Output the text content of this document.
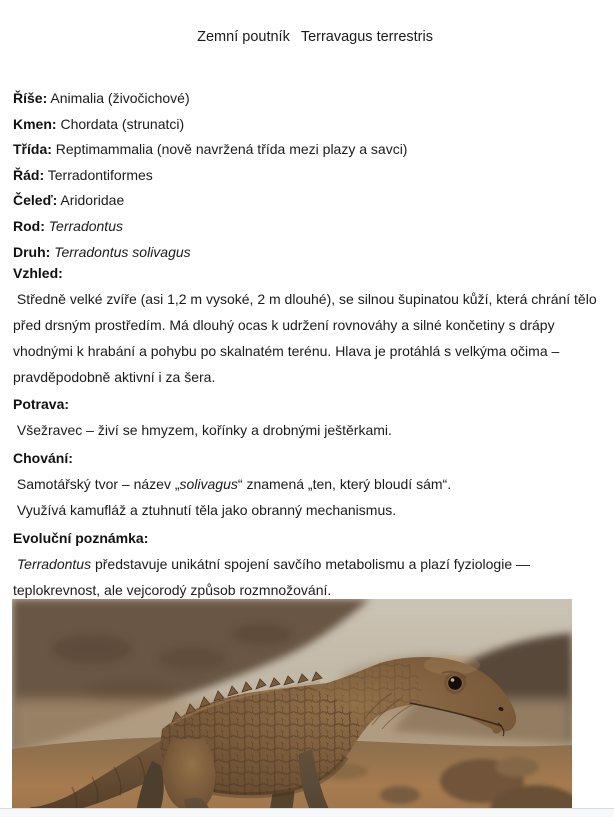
Zemní poutník Terravagus terrestris

Říše: Animalia (živočichové)
Kmen: Chordata (strunatci)
Třída: Reptimammalia (nově navržená třída mezi plazy a savci)
Řád: Terradontiformes
Čeleď: Aridoridae
Rod: Terradontus
Druh: Terradontus solivagus
Vzhled:
Středně velké zvíře (asi 1,2 m vysoké, 2 m dlouhé), se silnou šupinatou kůží, která chrání tělo před drsným prostředím. Má dlouhý ocas k udržení rovnováhy a silné končetiny s drápy vhodnými k hrabání a pohybu po skalnatém terénu. Hlava je protáhlá s velkýma očima – pravděpodobně aktivní i za šera.
Potrava:
Všežravec – živí se hmyzem, kořínky a drobnými ještěrkami.
Chování:
Samotářský tvor – název „solivagus“ znamená „ten, který bloudí sám“.
Využívá kamufláž a ztuhnutí těla jako obranný mechanismus.
Evoluční poznámka:
Terradontus představuje unikátní spojení savčího metabolismu a plazí fyziologie — teplokrevnost, ale vejcorodý způsob rozmnožování.
